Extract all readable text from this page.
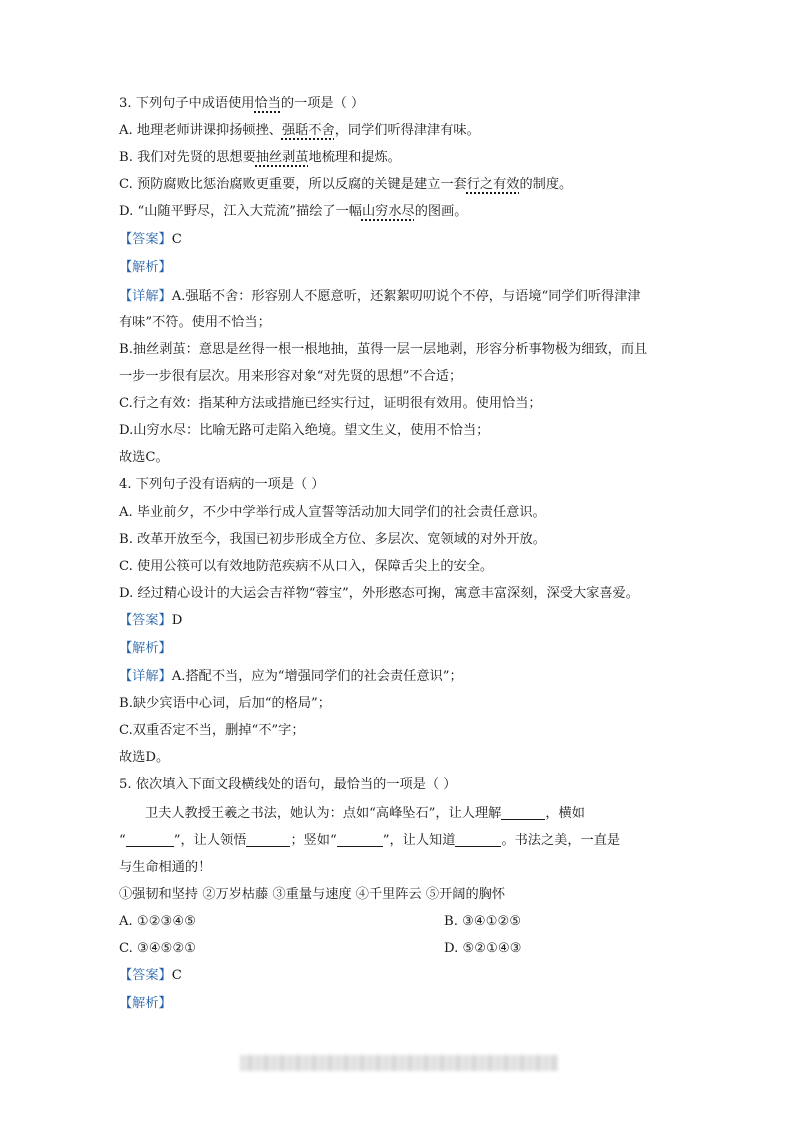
3. 下列句子中成语使用恰当的一项是（ ）
A. 地理老师讲课抑扬顿挫、强聒不舍，同学们听得津津有味。
B. 我们对先贤的思想要抽丝剥茧地梳理和提炼。
C. 预防腐败比惩治腐败更重要，所以反腐的关键是建立一套行之有效的制度。
D. “山随平野尽，江入大荒流”描绘了一幅山穷水尽的图画。
【答案】C
【解析】
【详解】A.强聒不舍：形容别人不愿意听，还絮絮叨叨说个不停，与语境“同学们听得津津
有味”不符。使用不恰当；
B.抽丝剥茧：意思是丝得一根一根地抽，茧得一层一层地剥，形容分析事物极为细致，而且
一步一步很有层次。用来形容对象“对先贤的思想”不合适；
C.行之有效：指某种方法或措施已经实行过，证明很有效用。使用恰当；
D.山穷水尽：比喻无路可走陷入绝境。望文生义，使用不恰当；
故选C。
4. 下列句子没有语病的一项是（ ）
A. 毕业前夕，不少中学举行成人宣誓等活动加大同学们的社会责任意识。
B. 改革开放至今，我国已初步形成全方位、多层次、宽领域的对外开放。
C. 使用公筷可以有效地防范疾病不从口入，保障舌尖上的安全。
D. 经过精心设计的大运会吉祥物“蓉宝”，外形憨态可掬，寓意丰富深刻，深受大家喜爱。
【答案】D
【解析】
【详解】A.搭配不当，应为“增强同学们的社会责任意识”；
B.缺少宾语中心词，后加“的格局”；
C.双重否定不当，删掉“不”字；
故选D。
5. 依次填入下面文段横线处的语句，最恰当的一项是（ ）
卫夫人教授王羲之书法，她认为：点如“高峰坠石”，让人理解	，横如
“	”，让人领悟	；竖如“	”，让人知道	。书法之美，一直是
与生命相通的！
①强韧和坚持 ②万岁枯藤 ③重量与速度 ④千里阵云 ⑤开阔的胸怀
A. ①②③④⑤	B. ③④①②⑤
C. ③④⑤②①	D. ⑤②①④③
【答案】C
【解析】
